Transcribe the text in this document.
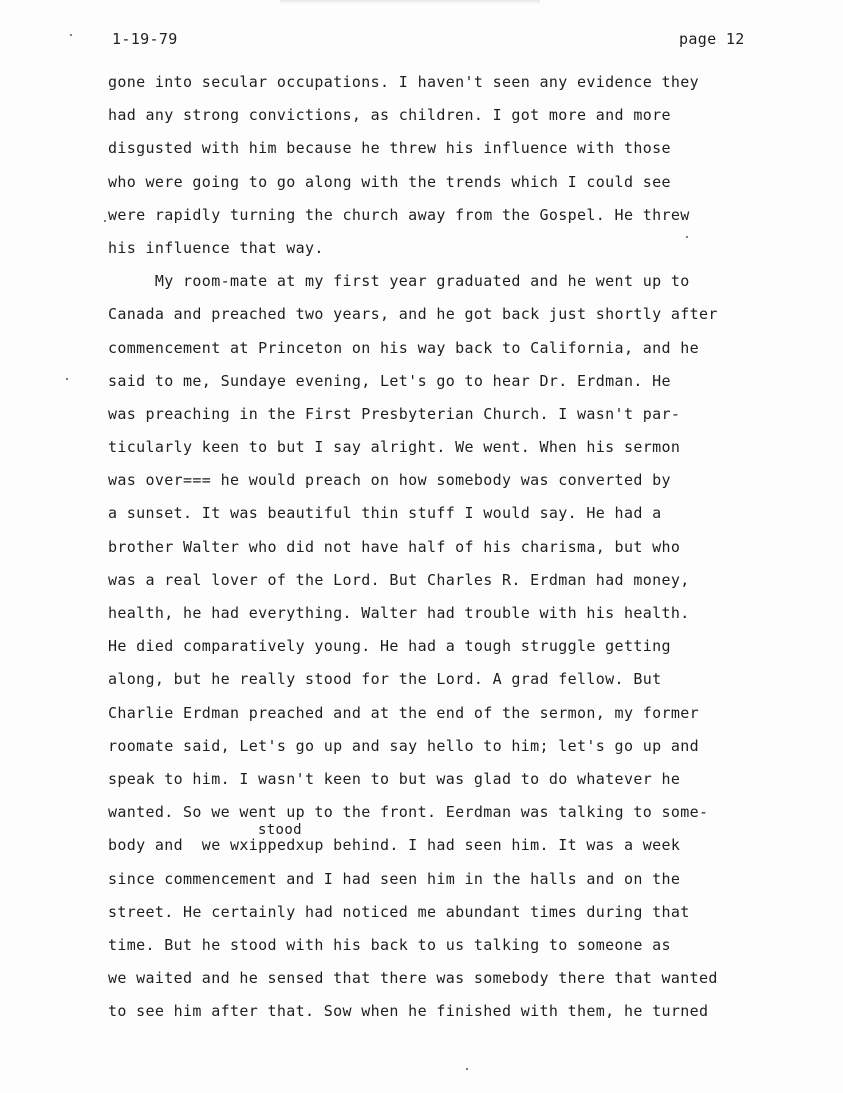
1-19-79	page 12
gone into secular occupations. I haven't seen any evidence they
had any strong convictions, as children. I got more and more
disgusted with him because he threw his influence with those
who were going to go along with the trends which I could see
were rapidly turning the church away from the Gospel. He threw
his influence that way.
My room-mate at my first year graduated and he went up to
Canada and preached two years, and he got back just shortly after
commencement at Princeton on his way back to California, and he
said to me, Sundaye evening, Let's go to hear Dr. Erdman. He
was preaching in the First Presbyterian Church. I wasn't par-
ticularly keen to but I say alright. We went. When his sermon
was over=== he would preach on how somebody was converted by
a sunset. It was beautiful thin stuff I would say. He had a
brother Walter who did not have half of his charisma, but who
was a real lover of the Lord. But Charles R. Erdman had money,
health, he had everything. Walter had trouble with his health.
He died comparatively young. He had a tough struggle getting
along, but he really stood for the Lord. A grad fellow. But
Charlie Erdman preached and at the end of the sermon, my former
roomate said, Let's go up and say hello to him; let's go up and
speak to him. I wasn't keen to but was glad to do whatever he
wanted. So we went up to the front. Eerdman was talking to some-
body and  we wxippedxup behind. I had seen him. It was a week
since commencement and I had seen him in the halls and on the
street. He certainly had noticed me abundant times during that
time. But he stood with his back to us talking to someone as
we waited and he sensed that there was somebody there that wanted
to see him after that. Sow when he finished with them, he turned
stood
